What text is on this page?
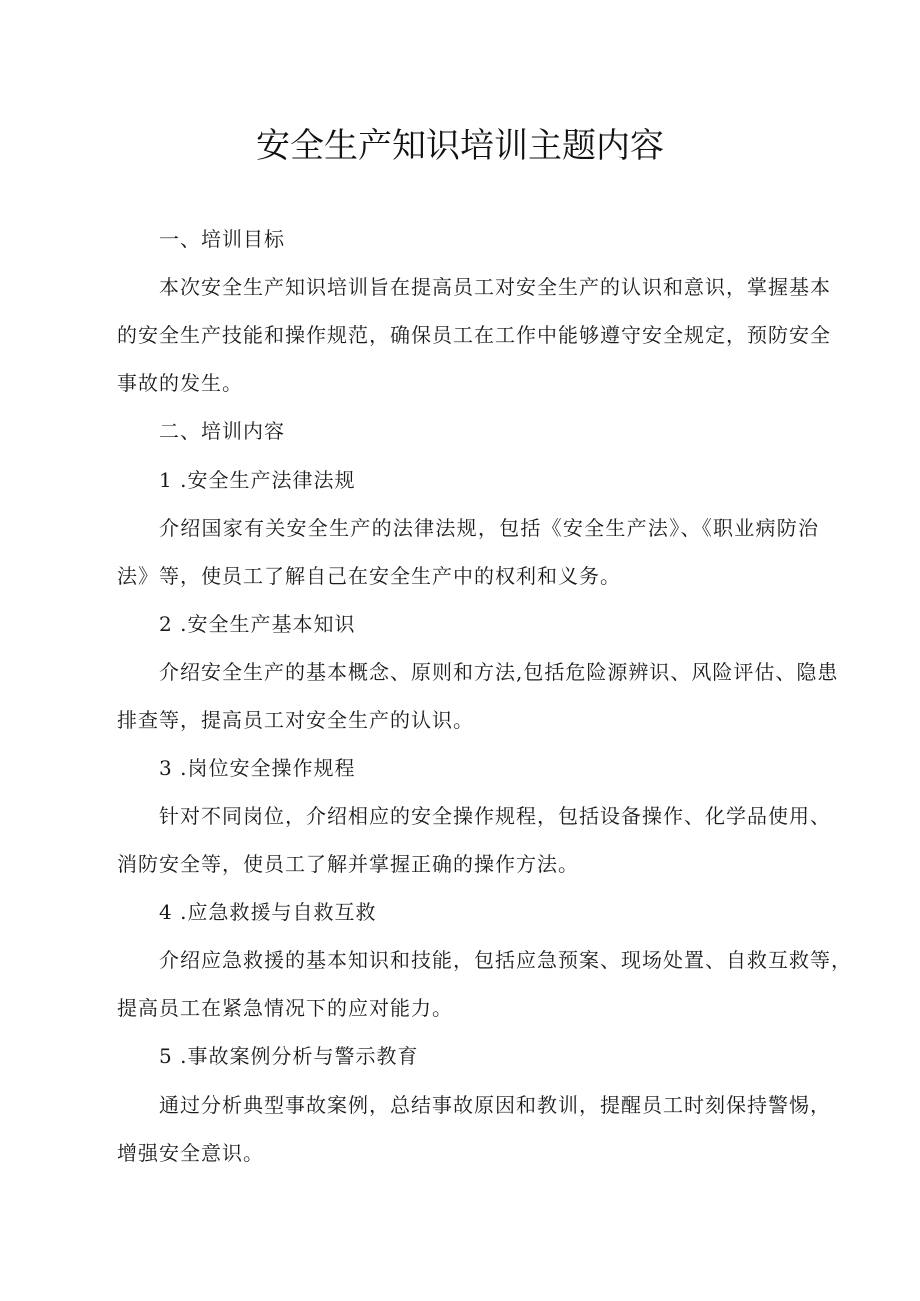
安全生产知识培训主题内容
一、培训目标
本次安全生产知识培训旨在提高员工对安全生产的认识和意识，掌握基本
的安全生产技能和操作规范，确保员工在工作中能够遵守安全规定，预防安全
事故的发生。
二、培训内容
1 .安全生产法律法规
介绍国家有关安全生产的法律法规，包括《安全生产法》、《职业病防治
法》等，使员工了解自己在安全生产中的权利和义务。
2 .安全生产基本知识
介绍安全生产的基本概念、原则和方法,包括危险源辨识、风险评估、隐患
排查等，提高员工对安全生产的认识。
3 .岗位安全操作规程
针对不同岗位，介绍相应的安全操作规程，包括设备操作、化学品使用、
消防安全等，使员工了解并掌握正确的操作方法。
4 .应急救援与自救互救
介绍应急救援的基本知识和技能，包括应急预案、现场处置、自救互救等，
提高员工在紧急情况下的应对能力。
5 .事故案例分析与警示教育
通过分析典型事故案例，总结事故原因和教训，提醒员工时刻保持警惕，
增强安全意识。
